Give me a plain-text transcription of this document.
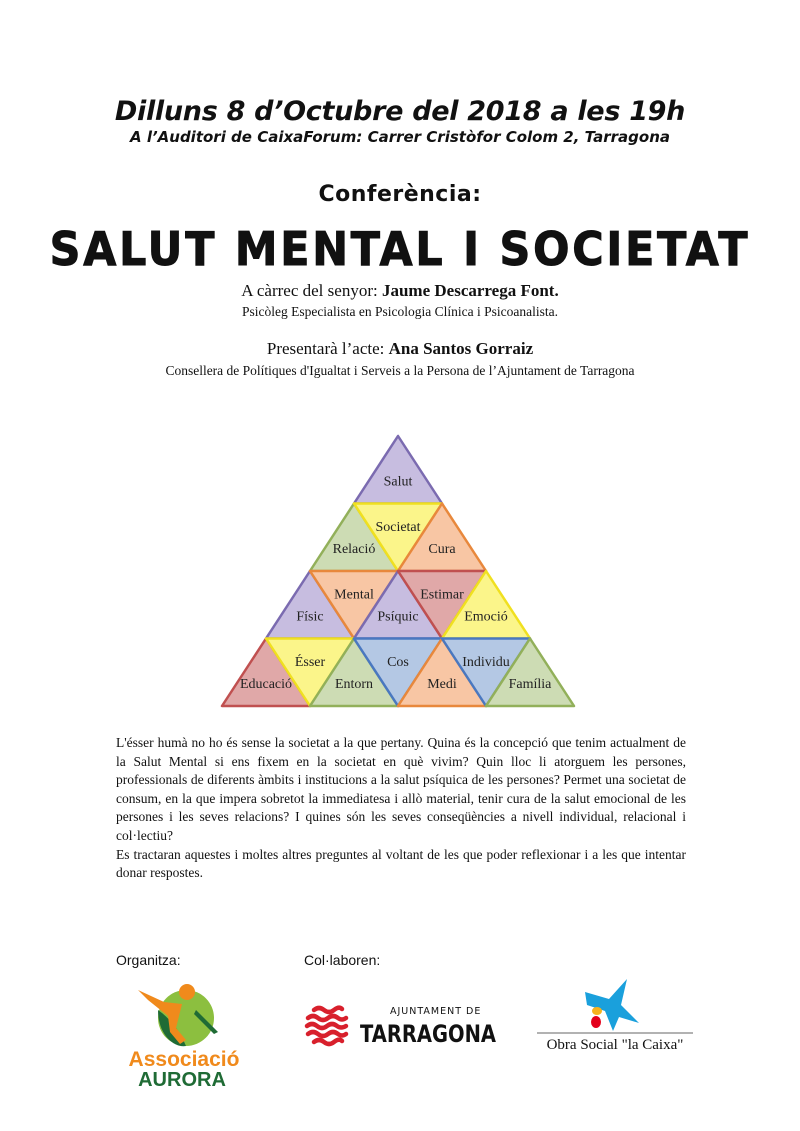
Dilluns 8 d’Octubre del 2018 a les 19h
A l’Auditori de CaixaForum: Carrer Cristòfor Colom 2, Tarragona
Conferència:
SALUT MENTAL I SOCIETAT
A càrrec del senyor: Jaume Descarrega Font.
Psicòleg Especialista en Psicologia Clínica i Psicoanalista.
Presentarà l’acte: Ana Santos Gorraiz
Consellera de Polítiques d'Igualtat i Serveis a la Persona de l’Ajuntament de Tarragona
Salut
Relació
Societat
Cura
Físic
Mental
Psíquic
Estimar
Emoció
Educació
Ésser
Entorn
Cos
Medi
Individu
Família

L'ésser humà no ho és sense la societat a la que pertany. Quina és la concepció que tenim actualment de la Salut Mental si ens fixem en la societat en què vivim? Quin lloc li atorguem les persones, professionals de diferents àmbits i institucions a la salut psíquica de les persones? Permet una societat de consum, en la que impera sobretot la immediatesa i allò material, tenir cura de la salut emocional de les persones i les seves relacions? I quines són les seves conseqüències a nivell individual, relacional i col·lectiu?

Es tractaran aquestes i moltes altres preguntes al voltant de les que poder reflexionar i a les que intentar donar respostes.

Organitza:	Col·laboren:
Associació
AURORA
AJUNTAMENT DE
TARRAGONA	Obra Social "la Caixa"
